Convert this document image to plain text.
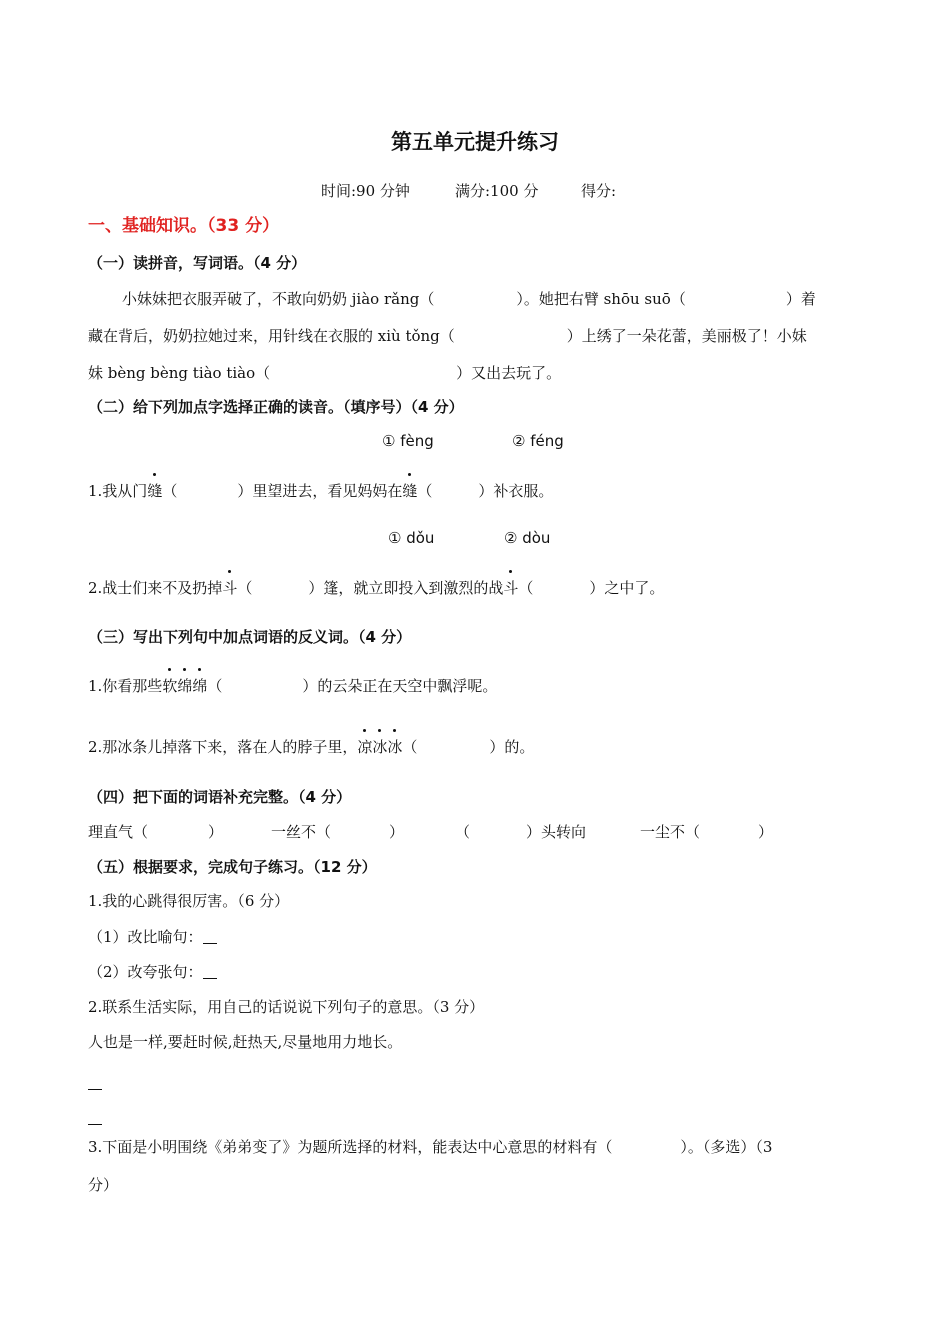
第五单元提升练习
时间:90 分钟	满分:100 分	得分:
一、基础知识。（33 分）
（一）读拼音，写词语。（4 分）
小妹妹把衣服弄破了，不敢向奶奶 jiào rǎng（	）。她把右臂 shōu suō（	）着
藏在背后，奶奶拉她过来，用针线在衣服的 xiù tǒng（	）上绣了一朵花蕾，美丽极了！小妹
妹 bèng bèng tiào tiào（	）又出去玩了。
（二）给下列加点字选择正确的读音。（填序号）（4 分）
① fèng	② féng
1.我从门缝（	）里望进去，看见妈妈在缝（	）补衣服。
① dǒu	② dòu
2.战士们来不及扔掉斗（	）篷，就立即投入到激烈的战斗（	）之中了。
（三）写出下列句中加点词语的反义词。（4 分）
1.你看那些软绵绵（	）的云朵正在天空中飘浮呢。
2.那冰条儿掉落下来，落在人的脖子里，凉冰冰（	）的。
（四）把下面的词语补充完整。（4 分）
理直气（	）	一丝不（	）	（	）头转向	一尘不（	）
（五）根据要求，完成句子练习。（12 分）
1.我的心跳得很厉害。（6 分）
（1）改比喻句：
（2）改夸张句：
2.联系生活实际，用自己的话说说下列句子的意思。（3 分）
人也是一样,要赶时候,赶热天,尽量地用力地长。
3.下面是小明围绕《弟弟变了》为题所选择的材料，能表达中心意思的材料有（	）。（多选）（3
分）
